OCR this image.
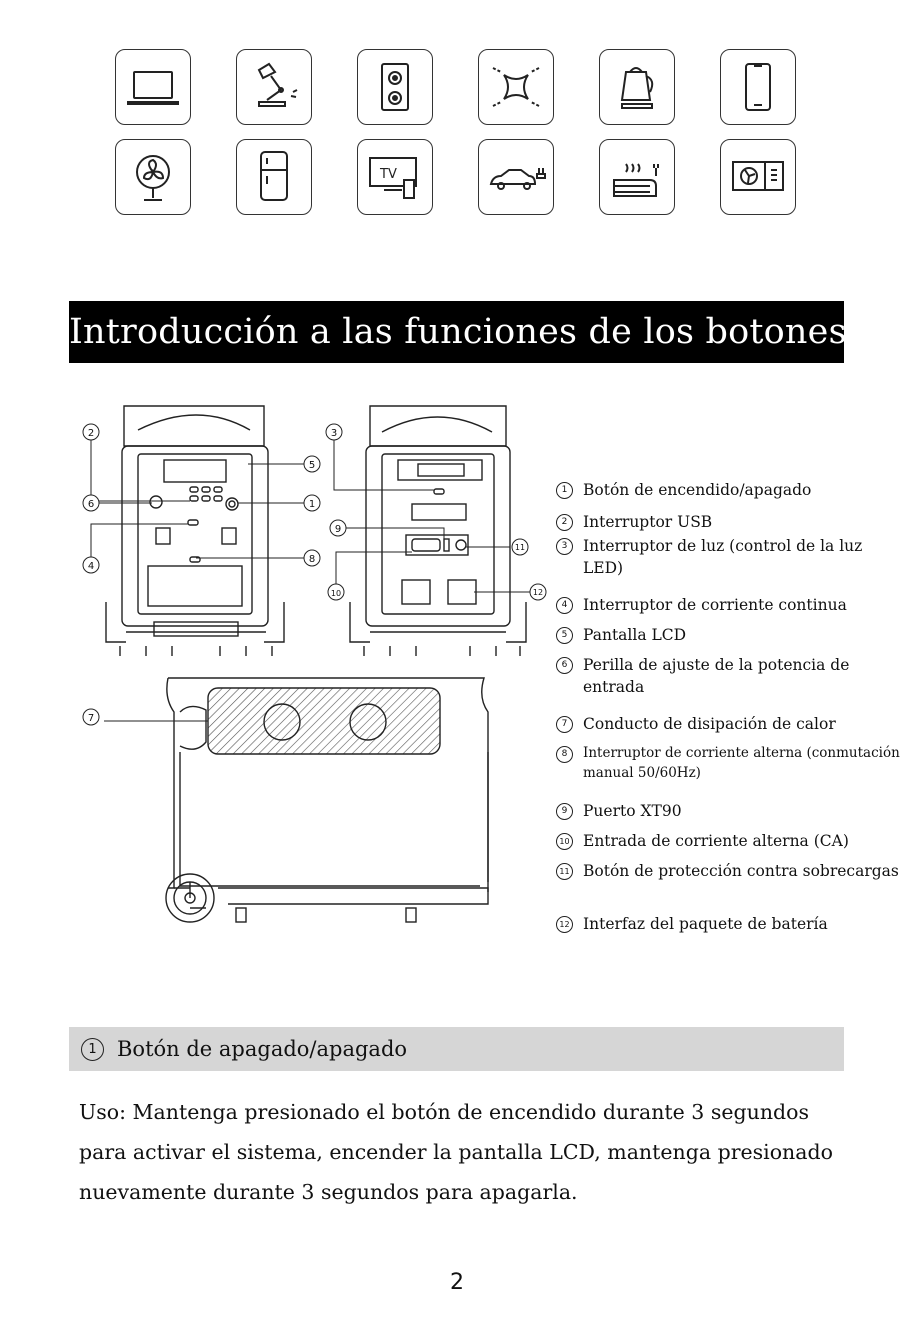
TV
Introducción a las funciones de los botones
2
6
4
5
1
8
3
9
10
11
12
7
1	Botón de encendido/apagado
2	Interruptor USB
3	Interruptor de luz (control de la luz LED)
4	Interruptor de corriente continua
5	Pantalla LCD
6	Perilla de ajuste de la potencia de entrada
7	Conducto de disipación de calor
8	Interruptor de corriente alterna (conmutación manual 50/60Hz)
9	Puerto XT90
10 Entrada de corriente alterna (CA)
11 Botón de protección contra sobrecargas
12 Interfaz del paquete de batería
1 Botón de apagado/apagado

Uso: Mantenga presionado el botón de encendido durante 3 segundos

para activar el sistema, encender la pantalla LCD, mantenga presionado

nuevamente durante 3 segundos para apagarla.

2
